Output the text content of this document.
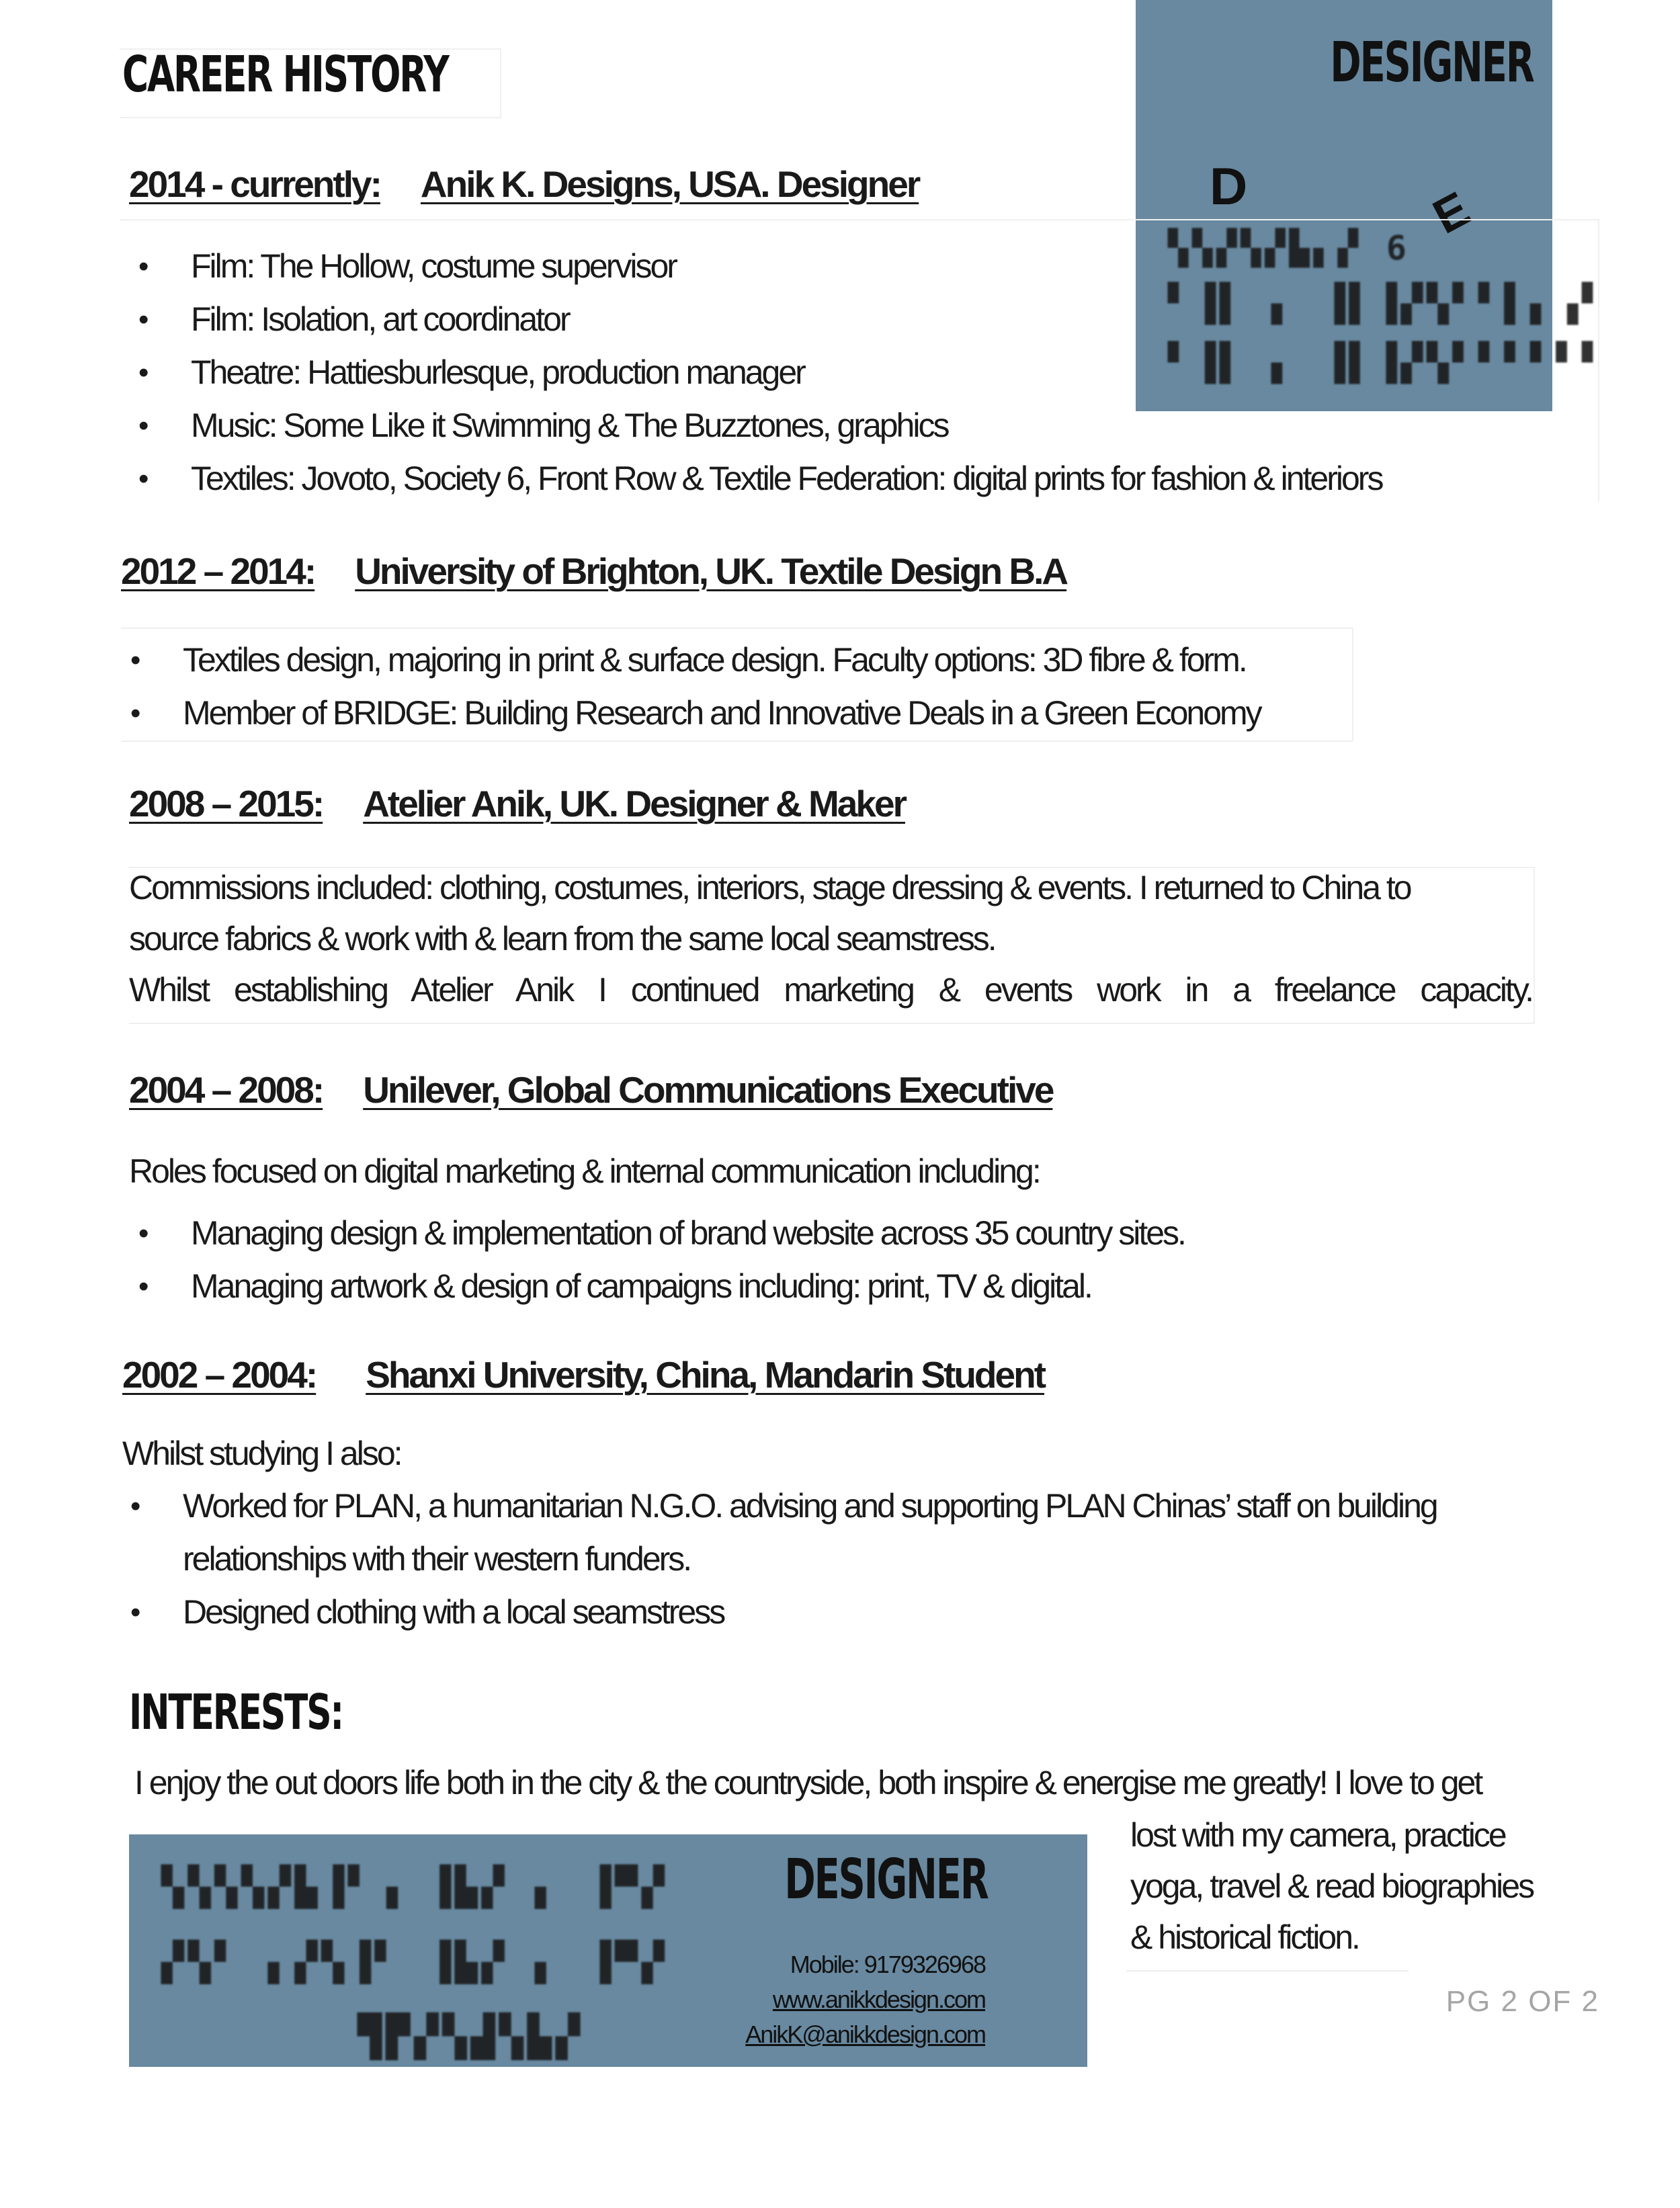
CAREER HISTORY	DESIGNER
D	E
▚▚▞▚▞▙▖▞ 6
▘▐▌ ▖ ▐▌▐▞▚▘▘▌▖▗▘
▘▐▌ ▖ ▐▌▐▞▚▘▘▘▘▘▘
2014 - currently: Anik K. Designs, USA. Designer
• Film: The Hollow, costume supervisor
• Film: Isolation, art coordinator
• Theatre: Hattiesburlesque, production manager
• Music: Some Like it Swimming & The Buzztones, graphics
• Textiles: Jovoto, Society 6, Front Row & Textile Federation: digital prints for fashion & interiors
2012 – 2014: University of Brighton, UK. Textile Design B.A
• Textiles design, majoring in print & surface design. Faculty options: 3D fibre & form.
• Member of BRIDGE: Building Research and Innovative Deals in a Green Economy
2008 – 2015: Atelier Anik, UK. Designer & Maker
Commissions included: clothing, costumes, interiors, stage dressing & events. I returned to China to
source fabrics & work with & learn from the same local seamstress.
Whilst establishing Atelier Anik I continued marketing & events work in a freelance capacity.
2004 – 2008: Unilever, Global Communications Executive
Roles focused on digital marketing & internal communication including:
• Managing design & implementation of brand website across 35 country sites.
• Managing artwork & design of campaigns including: print, TV & digital.
2002 – 2004: Shanxi University, China, Mandarin Student
Whilst studying I also:
• Worked for PLAN, a humanitarian N.G.O. advising and supporting PLAN Chinas’ staff on building
relationships with their western funders.
• Designed clothing with a local seamstress
INTERESTS:
I enjoy the out doors life both in the city & the countryside, both inspire & energise me greatly! I love to get
lost with my camera, practice
yoga, travel & read biographies
& historical fiction.
▚▚▚▚▞▙▐▘▗ ▐▙▞ ▖ ▐▀▞
▞▚▘ ▖▞▚▐▘ ▐▙▞ ▖ ▐▀▞
▜▛▞▚▟▚▙▞
DESIGNER
Mobile: 9179326968
www.anikkdesign.com
AnikK@anikkdesign.com
PG 2 OF 2
